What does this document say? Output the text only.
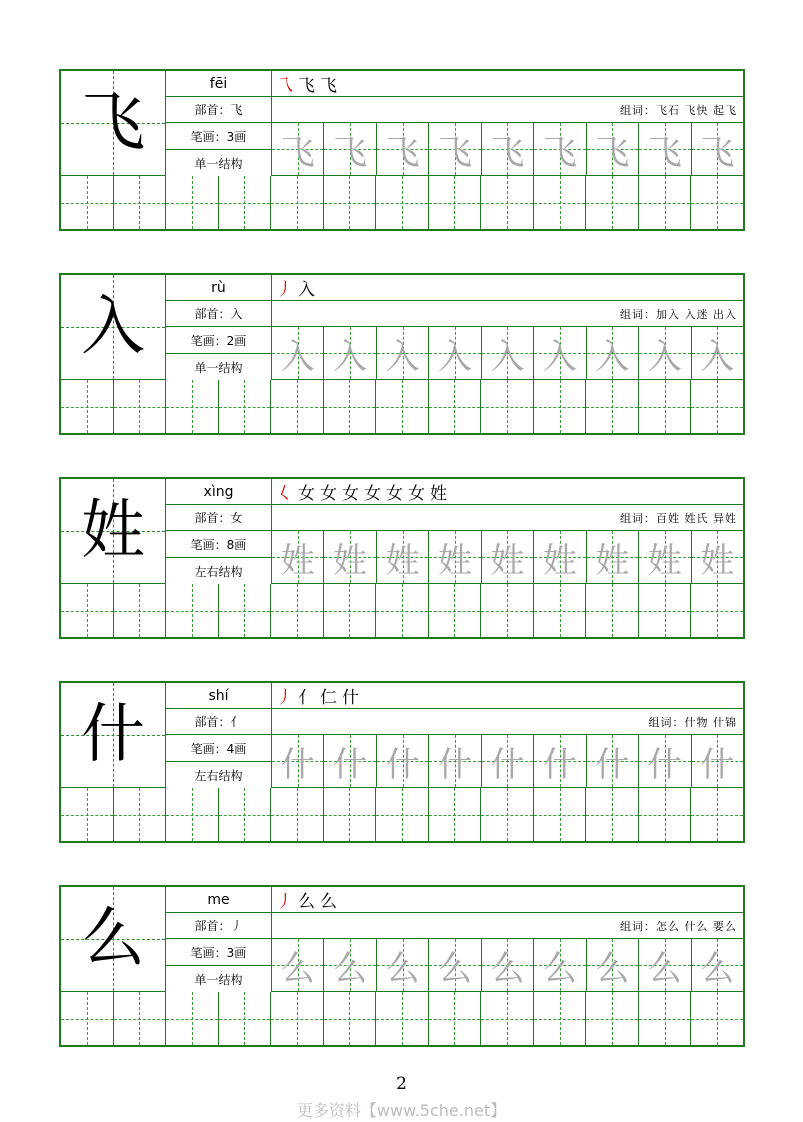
飞
fēi
部首：飞
笔画：3画
单一结构
乁 飞 飞
组词：飞石 飞快 起飞
飞 飞 飞 飞 飞 飞 飞 飞 飞
入
rù
部首：入
笔画：2画
单一结构
丿 入
组词：加入 入迷 出入
入 入 入 入 入 入 入 入 入
姓
xìng
部首：女
笔画：8画
左右结构
𡿨 女 女 女 女 女 女 姓
组词：百姓 姓氏 异姓
姓 姓 姓 姓 姓 姓 姓 姓 姓
什
shí
部首：亻
笔画：4画
左右结构
丿 亻 仁 什
组词：什物 什锦
什 什 什 什 什 什 什 什 什
么
me
部首：丿
笔画：3画
单一结构
丿 么 么
组词：怎么 什么 要么
么 么 么 么 么 么 么 么 么
2
更多资料【www.5che.net】
